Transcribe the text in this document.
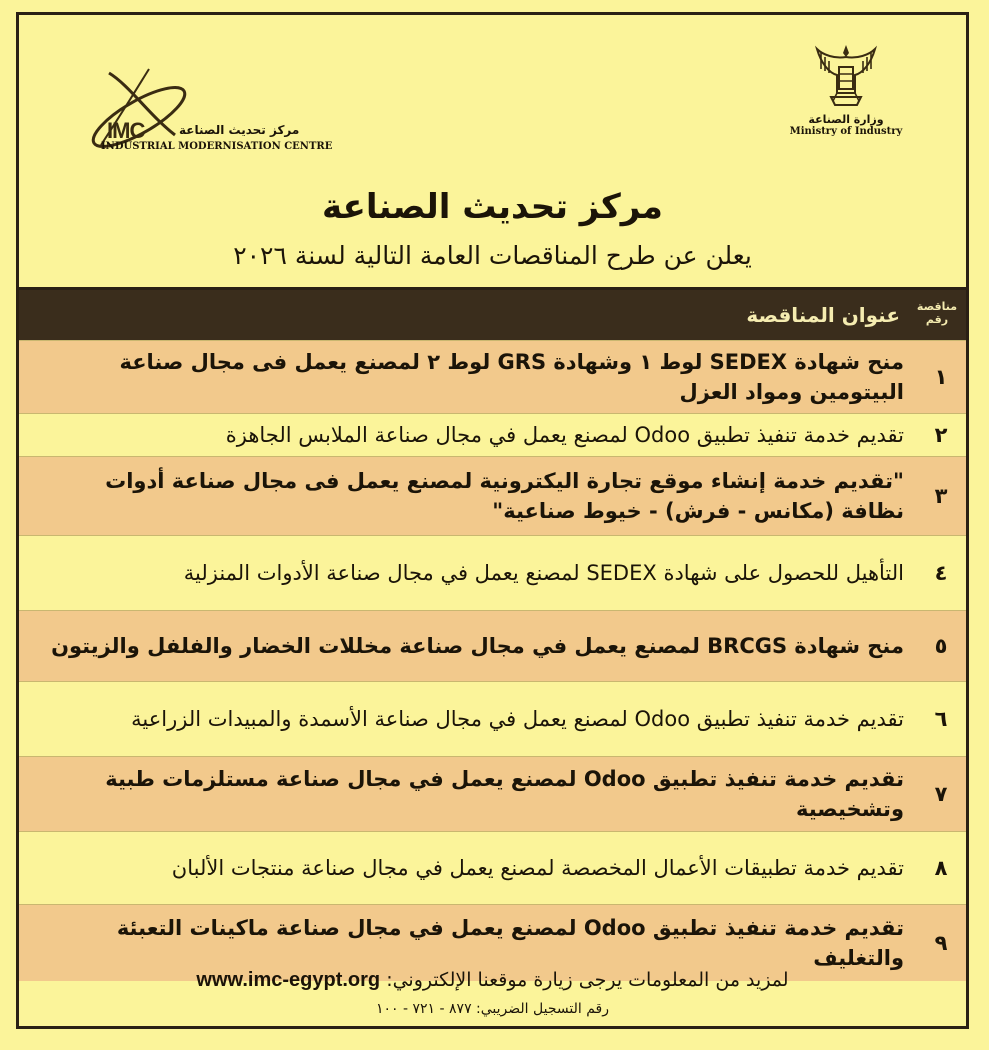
وزارة الصناعة
Ministry of Industry
IMC	مركز تحديث الصناعة
INDUSTRIAL MODERNISATION CENTRE
مركز تحديث الصناعة
يعلن عن طرح المناقصات العامة التالية لسنة ٢٠٢٦
مناقصة رقم
عنوان المناقصة
١
منح شهادة SEDEX لوط ١ وشهادة GRS لوط ٢ لمصنع يعمل فى مجال صناعة البيتومين ومواد العزل
٢
تقديم خدمة تنفيذ تطبيق Odoo لمصنع يعمل في مجال صناعة الملابس الجاهزة
٣
"تقديم خدمة إنشاء موقع تجارة اليكترونية لمصنع يعمل فى مجال صناعة أدوات نظافة (مكانس - فرش) - خيوط صناعية"
٤
التأهيل للحصول على شهادة SEDEX لمصنع يعمل في مجال صناعة الأدوات المنزلية
٥
منح شهادة BRCGS لمصنع يعمل في مجال صناعة مخللات الخضار والفلفل والزيتون
٦
تقديم خدمة تنفيذ تطبيق Odoo لمصنع يعمل في مجال صناعة الأسمدة والمبيدات الزراعية
٧
تقديم خدمة تنفيذ تطبيق Odoo لمصنع يعمل في مجال صناعة مستلزمات طبية وتشخيصية
٨
تقديم خدمة تطبيقات الأعمال المخصصة لمصنع يعمل في مجال صناعة منتجات الألبان
٩
تقديم خدمة تنفيذ تطبيق Odoo لمصنع يعمل في مجال صناعة ماكينات التعبئة والتغليف
لمزيد من المعلومات يرجى زيارة موقعنا الإلكتروني: www.imc-egypt.org
رقم التسجيل الضريبي: ٨٧٧ - ٧٢١ - ١٠٠
